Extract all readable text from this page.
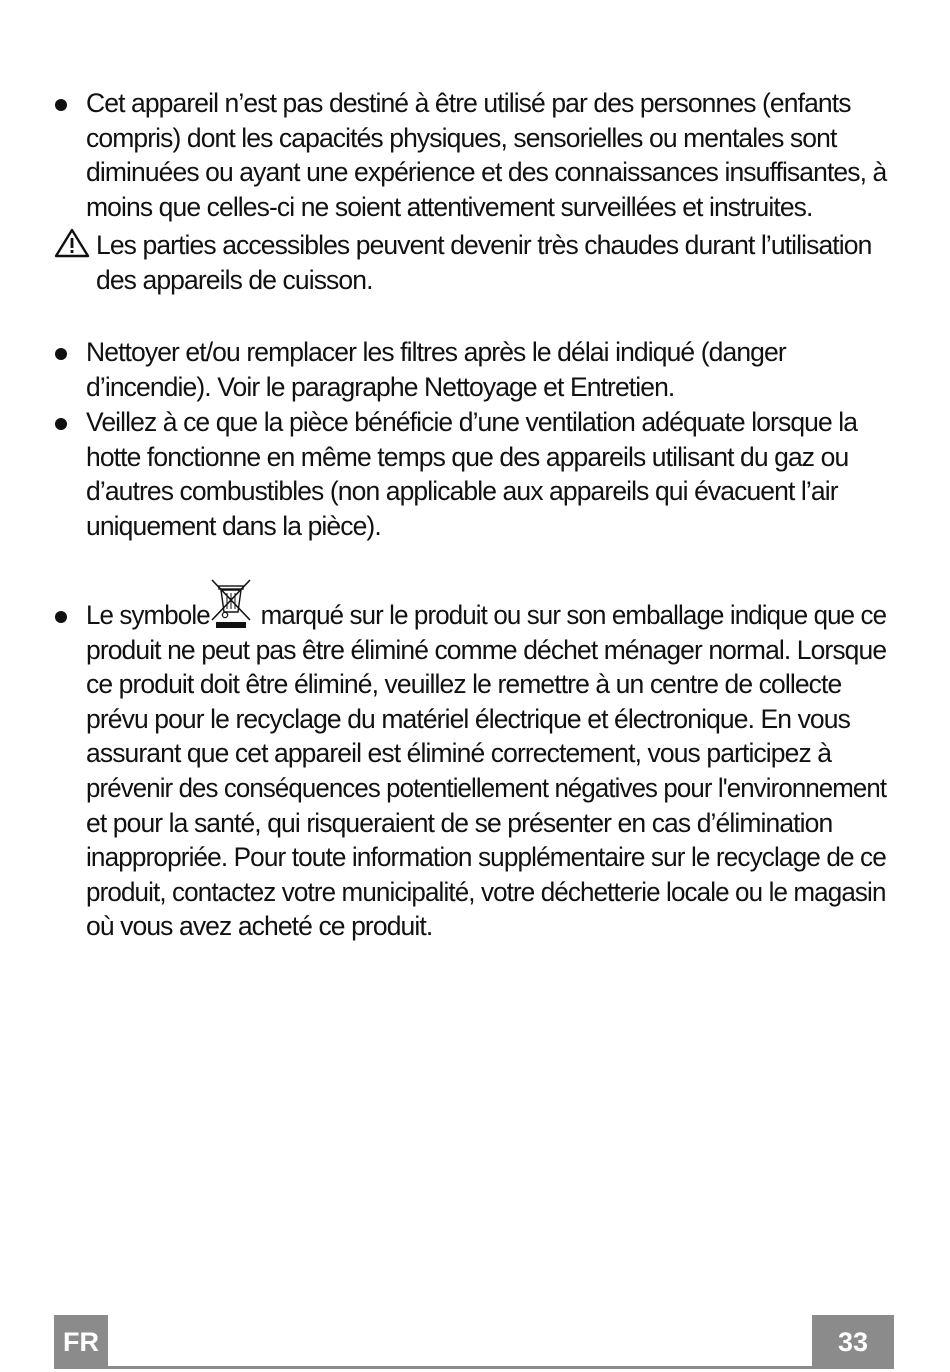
Cet appareil n’est pas destiné à être utilisé par des personnes (enfants
compris) dont les capacités physiques, sensorielles ou mentales sont
diminuées ou ayant une expérience et des connaissances insuffisantes, à
moins que celles-ci ne soient attentivement surveillées et instruites.
Les parties accessibles peuvent devenir très chaudes durant l’utilisation
des appareils de cuisson.
Nettoyer et/ou remplacer les filtres après le délai indiqué (danger
d’incendie). Voir le paragraphe Nettoyage et Entretien.
Veillez à ce que la pièce bénéficie d’une ventilation adéquate lorsque la
hotte fonctionne en même temps que des appareils utilisant du gaz ou
d’autres combustibles (non applicable aux appareils qui évacuent l’air
uniquement dans la pièce).
Le symbole marqué sur le produit ou sur son emballage indique que ce
produit ne peut pas être éliminé comme déchet ménager normal. Lorsque
ce produit doit être éliminé, veuillez le remettre à un centre de collecte
prévu pour le recyclage du matériel électrique et électronique. En vous
assurant que cet appareil est éliminé correctement, vous participez à
prévenir des conséquences potentiellement négatives pour l'environnement
et pour la santé, qui risqueraient de se présenter en cas d’élimination
inappropriée. Pour toute information supplémentaire sur le recyclage de ce
produit, contactez votre municipalité, votre déchetterie locale ou le magasin
où vous avez acheté ce produit.
FR	33
